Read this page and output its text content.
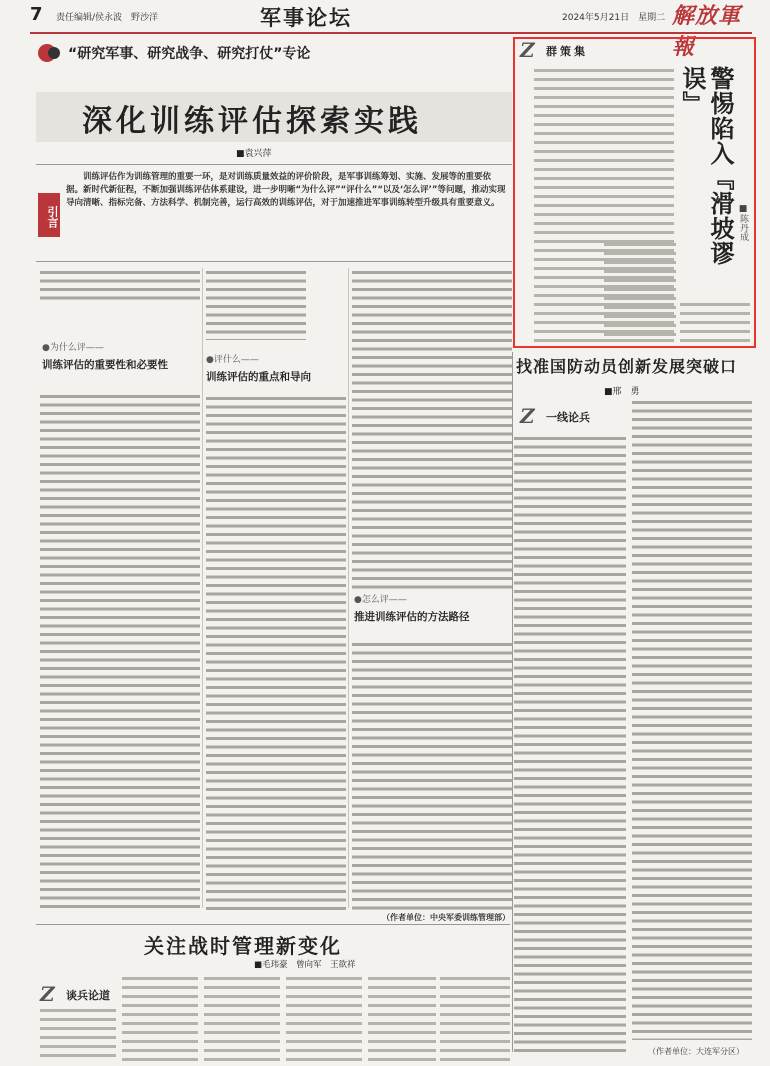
7 责任编辑/侯永波　野沙洋	军事论坛	2024年5月21日　星期二 解放軍報
“研究军事、研究战争、研究打仗”专论
深化训练评估探索实践
■袁兴萍
引言
训练评估作为训练管理的重要一环，是对训练质量效益的评价阶段，是军事训练筹划、实施、发展等的重要依据。新时代新征程，不断加强训练评估体系建设，进一步明晰“为什么评”“评什么”“以及‘怎么评’”等问题，推动实现导向清晰、指标完备、方法科学、机制完善，运行高效的训练评估，对于加速推进军事训练转型升级具有重要意义。
●为什么评——
训练评估的重要性和必要性	●评什么——
训练评估的重点和导向
●怎么评——
推进训练评估的方法路径
Z 群策集
警惕陷入『滑坡谬误』
■陈丹成
找准国防动员创新发展突破口
■邢　勇
Z 一线论兵
（作者单位：大连军分区）
（作者单位：中央军委训练管理部）
关注战时管理新变化
■毛玮豪　曾向军　王欲祥
Z 谈兵论道
